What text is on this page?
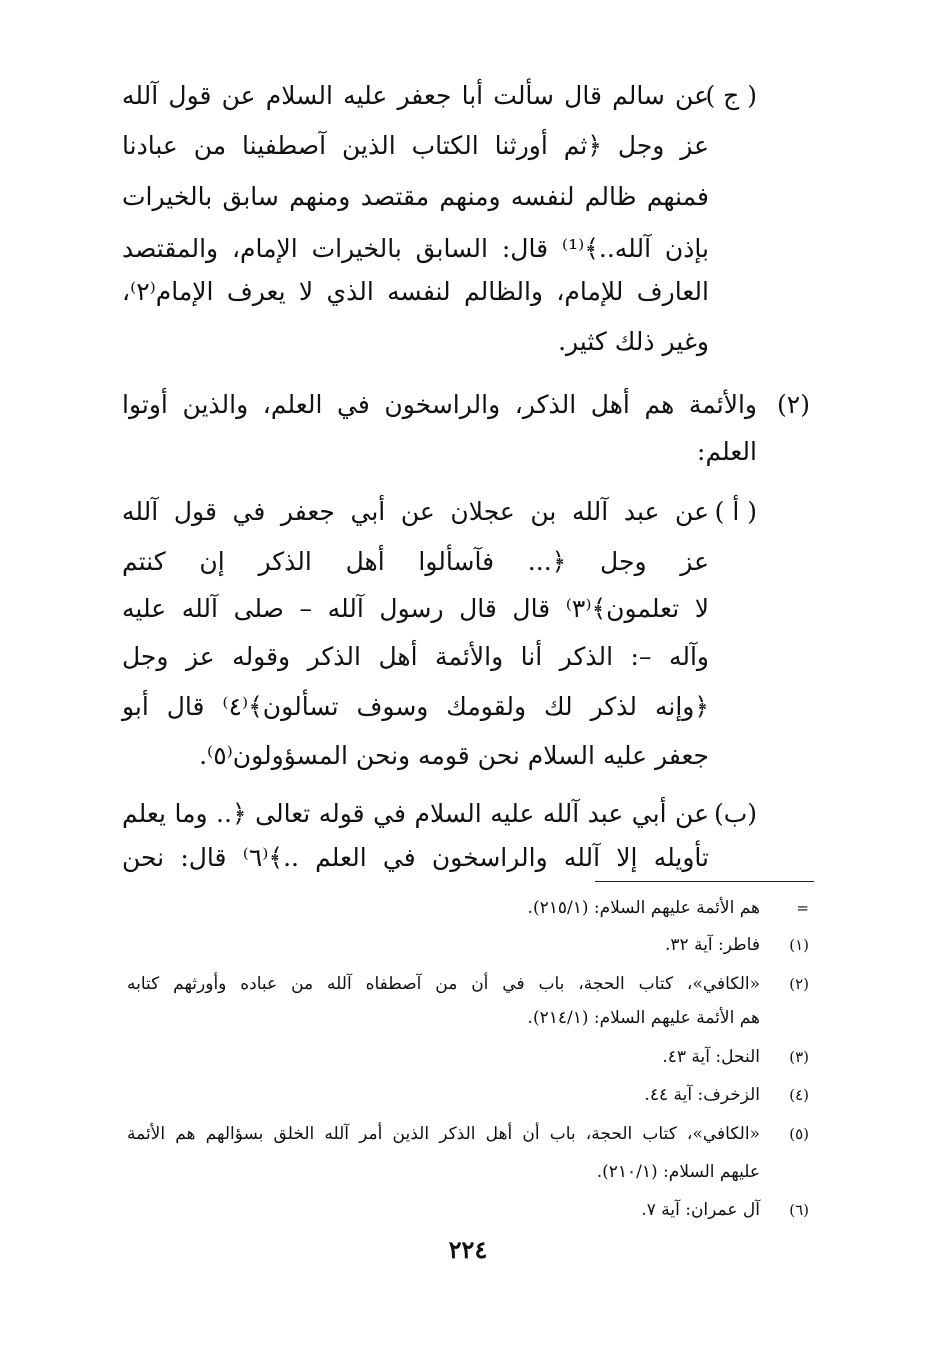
( ج )
عن سالم قال سألت أبا جعفر عليه السلام عن قول آلله
عز وجل ﴿ثم أورثنا الكتاب الذين آصطفينا من عبادنا
فمنهم ظالم لنفسه ومنهم مقتصد ومنهم سابق بالخيرات
بإذن آلله..﴾⁽¹⁾ قال: السابق بالخيرات الإمام، والمقتصد
العارف للإمام، والظالم لنفسه الذي لا يعرف الإمام⁽٢⁾،
وغير ذلك كثير.
(٢)
والأئمة هم أهل الذكر، والراسخون في العلم، والذين أوتوا
العلم:
( أ )
عن عبد آلله بن عجلان عن أبي جعفر في قول آلله
عز وجل ﴿... فآسألوا أهل الذكر إن كنتم
لا تعلمون﴾⁽٣⁾ قال قال رسول آلله – صلى آلله عليه
وآله –: الذكر أنا والأئمة أهل الذكر وقوله عز وجل
﴿وإنه لذكر لك ولقومك وسوف تسألون﴾⁽٤⁾ قال أبو
جعفر عليه السلام نحن قومه ونحن المسؤولون⁽٥⁾.
(ب)
عن أبي عبد آلله عليه السلام في قوله تعالى ﴿.. وما يعلم
تأويله إلا آلله والراسخون في العلم ..﴾⁽٦⁾ قال: نحن
=
هم الأئمة عليهم السلام: (٢١٥/١).
(١)
فاطر: آية ٣٢.
(٢)
«الكافي»، كتاب الحجة، باب في أن من آصطفاه آلله من عباده وأورثهم كتابه
هم الأئمة عليهم السلام: (٢١٤/١).
(٣)
النحل: آية ٤٣.
(٤)
الزخرف: آية ٤٤.
(٥)
«الكافي»، كتاب الحجة، باب أن أهل الذكر الذين أمر آلله الخلق بسؤالهم هم الأئمة
عليهم السلام: (٢١٠/١).
(٦)
آل عمران: آية ٧.
٢٢٤
